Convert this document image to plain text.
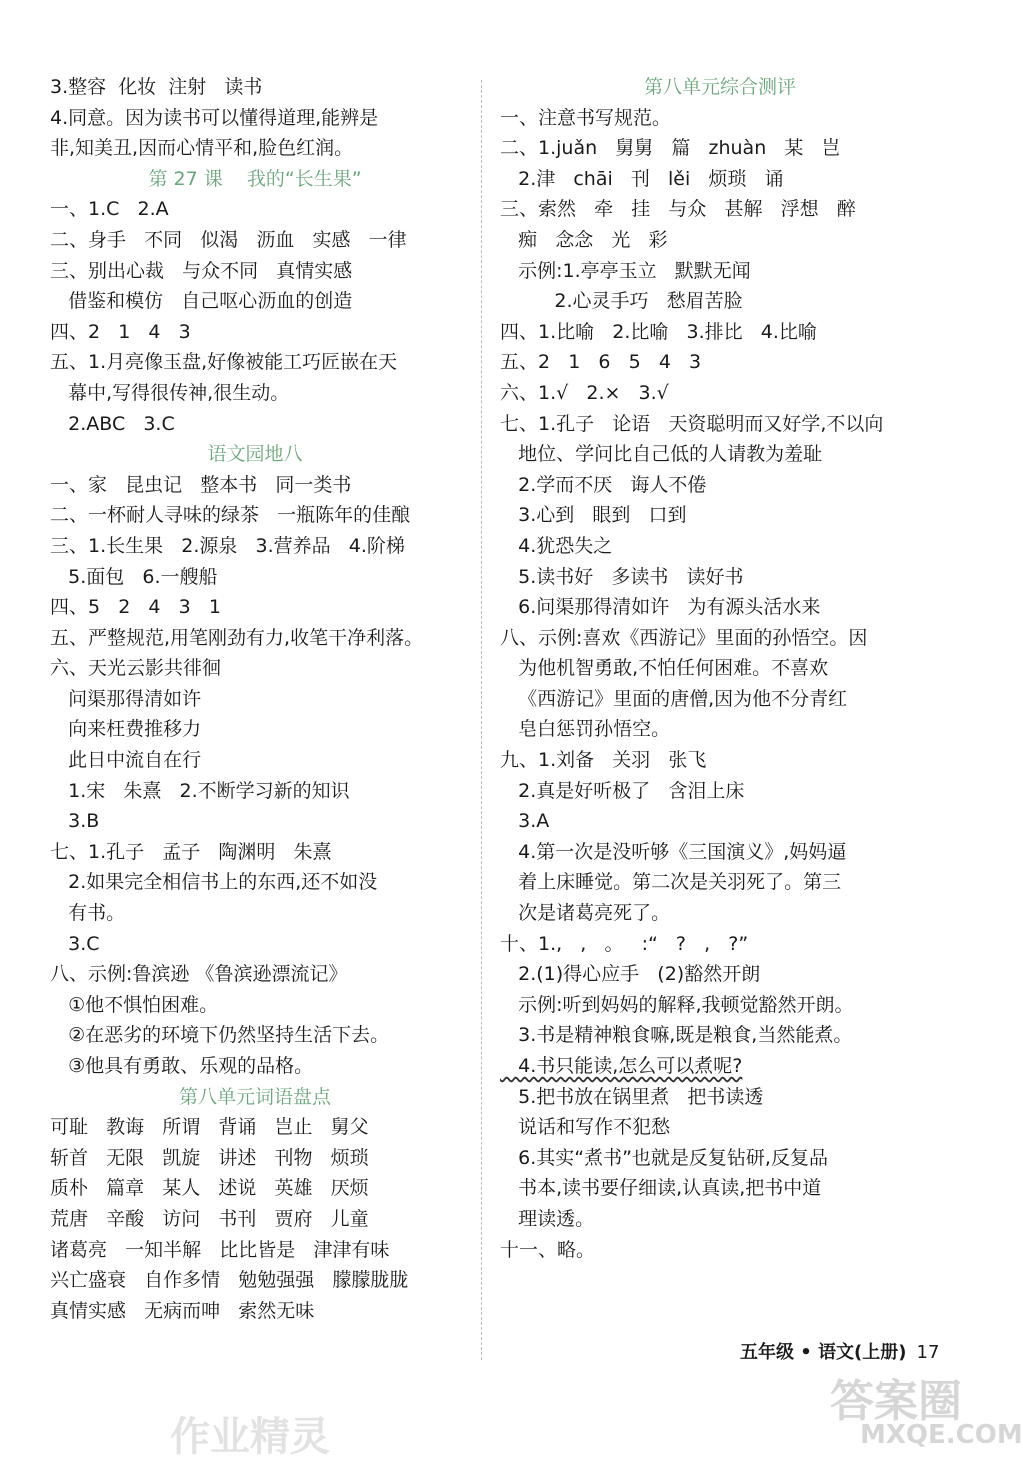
3.整容  化妆  注射   读书
4.同意。因为读书可以懂得道理,能辨是
非,知美丑,因而心情平和,脸色红润。
第 27 课    我的“长生果”
一、1.C   2.A
二、身手   不同   似渴   沥血   实感   一律
三、别出心裁   与众不同   真情实感
借鉴和模仿   自己呕心沥血的创造
四、2   1   4   3
五、1.月亮像玉盘,好像被能工巧匠嵌在天
幕中,写得很传神,很生动。
2.ABC   3.C
语文园地八
一、家   昆虫记   整本书   同一类书
二、一杯耐人寻味的绿茶   一瓶陈年的佳酿
三、1.长生果   2.源泉   3.营养品   4.阶梯
5.面包   6.一艘船
四、5   2   4   3   1
五、严整规范,用笔刚劲有力,收笔干净利落。
六、天光云影共徘徊
问渠那得清如许
向来枉费推移力
此日中流自在行
1.宋   朱熹   2.不断学习新的知识
3.B
七、1.孔子   孟子   陶渊明   朱熹
2.如果完全相信书上的东西,还不如没
有书。
3.C
八、示例:鲁滨逊 《鲁滨逊漂流记》
①他不惧怕困难。
②在恶劣的环境下仍然坚持生活下去。
③他具有勇敢、乐观的品格。
第八单元词语盘点
可耻   教诲   所谓   背诵   岂止   舅父
斩首   无限   凯旋   讲述   刊物   烦琐
质朴   篇章   某人   述说   英雄   厌烦
荒唐   辛酸   访问   书刊   贾府   儿童
诸葛亮   一知半解   比比皆是   津津有味
兴亡盛衰   自作多情   勉勉强强   朦朦胧胧
真情实感   无病而呻   索然无味
第八单元综合测评
一、注意书写规范。
二、1.juǎn   舅舅   篇   zhuàn   某   岂
2.津   chāi   刊   lěi   烦琐   诵
三、索然   牵   挂   与众   甚解   浮想   醉
痴   念念   光   彩
示例:1.亭亭玉立   默默无闻
2.心灵手巧   愁眉苦脸
四、1.比喻   2.比喻   3.排比   4.比喻
五、2   1   6   5   4   3
六、1.√   2.×   3.√
七、1.孔子   论语   天资聪明而又好学,不以向
地位、学问比自己低的人请教为羞耻
2.学而不厌   诲人不倦
3.心到   眼到   口到
4.犹恐失之
5.读书好   多读书   读好书
6.问渠那得清如许   为有源头活水来
八、示例:喜欢《西游记》里面的孙悟空。因
为他机智勇敢,不怕任何困难。不喜欢
《西游记》里面的唐僧,因为他不分青红
皂白惩罚孙悟空。
九、1.刘备   关羽   张飞
2.真是好听极了   含泪上床
3.A
4.第一次是没听够《三国演义》,妈妈逼
着上床睡觉。第二次是关羽死了。第三
次是诸葛亮死了。
十、1.,   ,   。   :“   ?   ,   ?”
2.(1)得心应手   (2)豁然开朗
示例:听到妈妈的解释,我顿觉豁然开朗。
3.书是精神粮食嘛,既是粮食,当然能煮。
4.书只能读,怎么可以煮呢?
5.把书放在锅里煮   把书读透
说话和写作不犯愁
6.其实“煮书”也就是反复钻研,反复品
书本,读书要仔细读,认真读,把书中道
理读透。
十一、略。
五年级 • 语文(上册) 17
作业精灵
答案圈
MXQE.COM
